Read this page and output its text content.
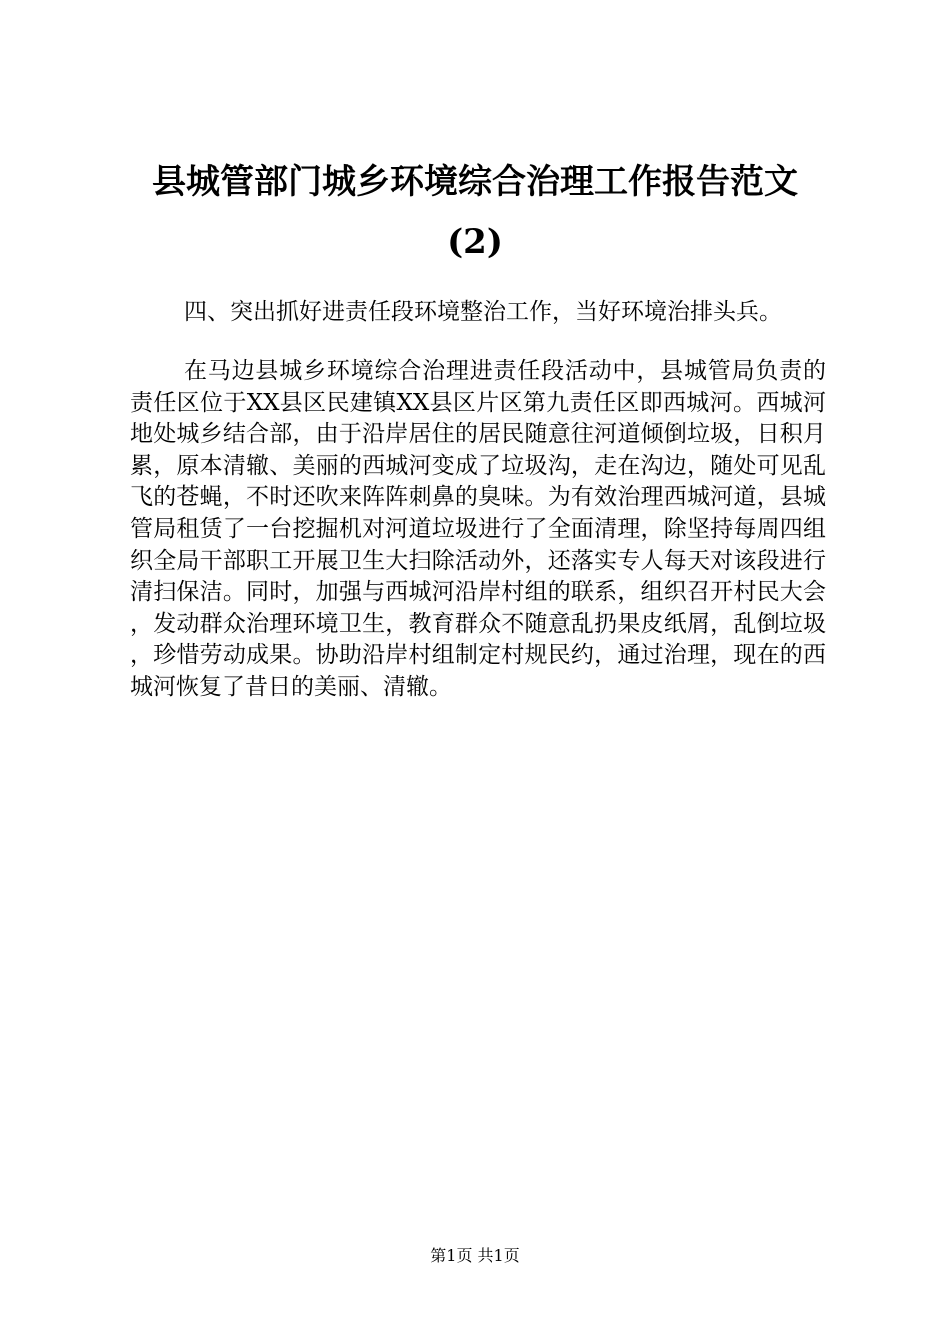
县城管部门城乡环境综合治理工作报告范文
(2)

四、突出抓好进责任段环境整治工作，当好环境治排头兵。

在马边县城乡环境综合治理进责任段活动中，县城管局负责的责任区位于XX县区民建镇XX县区片区第九责任区即西城河。西城河地处城乡结合部，由于沿岸居住的居民随意往河道倾倒垃圾，日积月累，原本清辙、美丽的西城河变成了垃圾沟，走在沟边，随处可见乱飞的苍蝇，不时还吹来阵阵刺鼻的臭味。为有效治理西城河道，县城管局租赁了一台挖掘机对河道垃圾进行了全面清理，除坚持每周四组织全局干部职工开展卫生大扫除活动外，还落实专人每天对该段进行清扫保洁。同时，加强与西城河沿岸村组的联系，组织召开村民大会，发动群众治理环境卫生，教育群众不随意乱扔果皮纸屑，乱倒垃圾，珍惜劳动成果。协助沿岸村组制定村规民约，通过治理，现在的西城河恢复了昔日的美丽、清辙。

第1页 共1页
